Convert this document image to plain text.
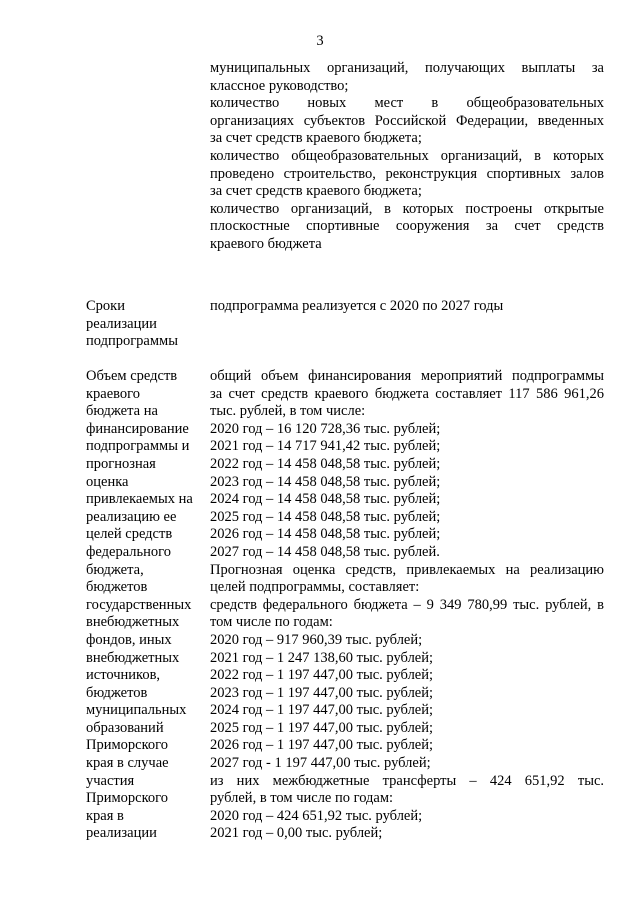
3
муниципальных организаций, получающих выплаты за
классное руководство;
количество новых мест в общеобразовательных
организациях субъектов Российской Федерации, введенных
за счет средств краевого бюджета;
количество общеобразовательных организаций, в которых
проведено строительство, реконструкция спортивных залов
за счет средств краевого бюджета;
количество организаций, в которых построены открытые
плоскостные спортивные сооружения за счет средств
краевого бюджета
Сроки
реализации
подпрограммы
подпрограмма реализуется с 2020 по 2027 годы
Объем средств
краевого
бюджета на
финансирование
подпрограммы и
прогнозная
оценка
привлекаемых на
реализацию ее
целей средств
федерального
бюджета,
бюджетов
государственных
внебюджетных
фондов, иных
внебюджетных
источников,
бюджетов
муниципальных
образований
Приморского
края в случае
участия
Приморского
края в
реализации
общий объем финансирования мероприятий подпрограммы
за счет средств краевого бюджета составляет 117 586 961,26
тыс. рублей, в том числе:
2020 год – 16 120 728,36 тыс. рублей;
2021 год – 14 717 941,42 тыс. рублей;
2022 год – 14 458 048,58 тыс. рублей;
2023 год – 14 458 048,58 тыс. рублей;
2024 год – 14 458 048,58 тыс. рублей;
2025 год – 14 458 048,58 тыс. рублей;
2026 год – 14 458 048,58 тыс. рублей;
2027 год – 14 458 048,58 тыс. рублей.
Прогнозная оценка средств, привлекаемых на реализацию
целей подпрограммы, составляет:
средств федерального бюджета – 9 349 780,99 тыс. рублей, в
том числе по годам:
2020 год – 917 960,39 тыс. рублей;
2021 год – 1 247 138,60 тыс. рублей;
2022 год – 1 197 447,00 тыс. рублей;
2023 год – 1 197 447,00 тыс. рублей;
2024 год – 1 197 447,00 тыс. рублей;
2025 год – 1 197 447,00 тыс. рублей;
2026 год – 1 197 447,00 тыс. рублей;
2027 год - 1 197 447,00 тыс. рублей;
из них межбюджетные трансферты – 424 651,92 тыс.
рублей, в том числе по годам:
2020 год – 424 651,92 тыс. рублей;
2021 год – 0,00 тыс. рублей;
